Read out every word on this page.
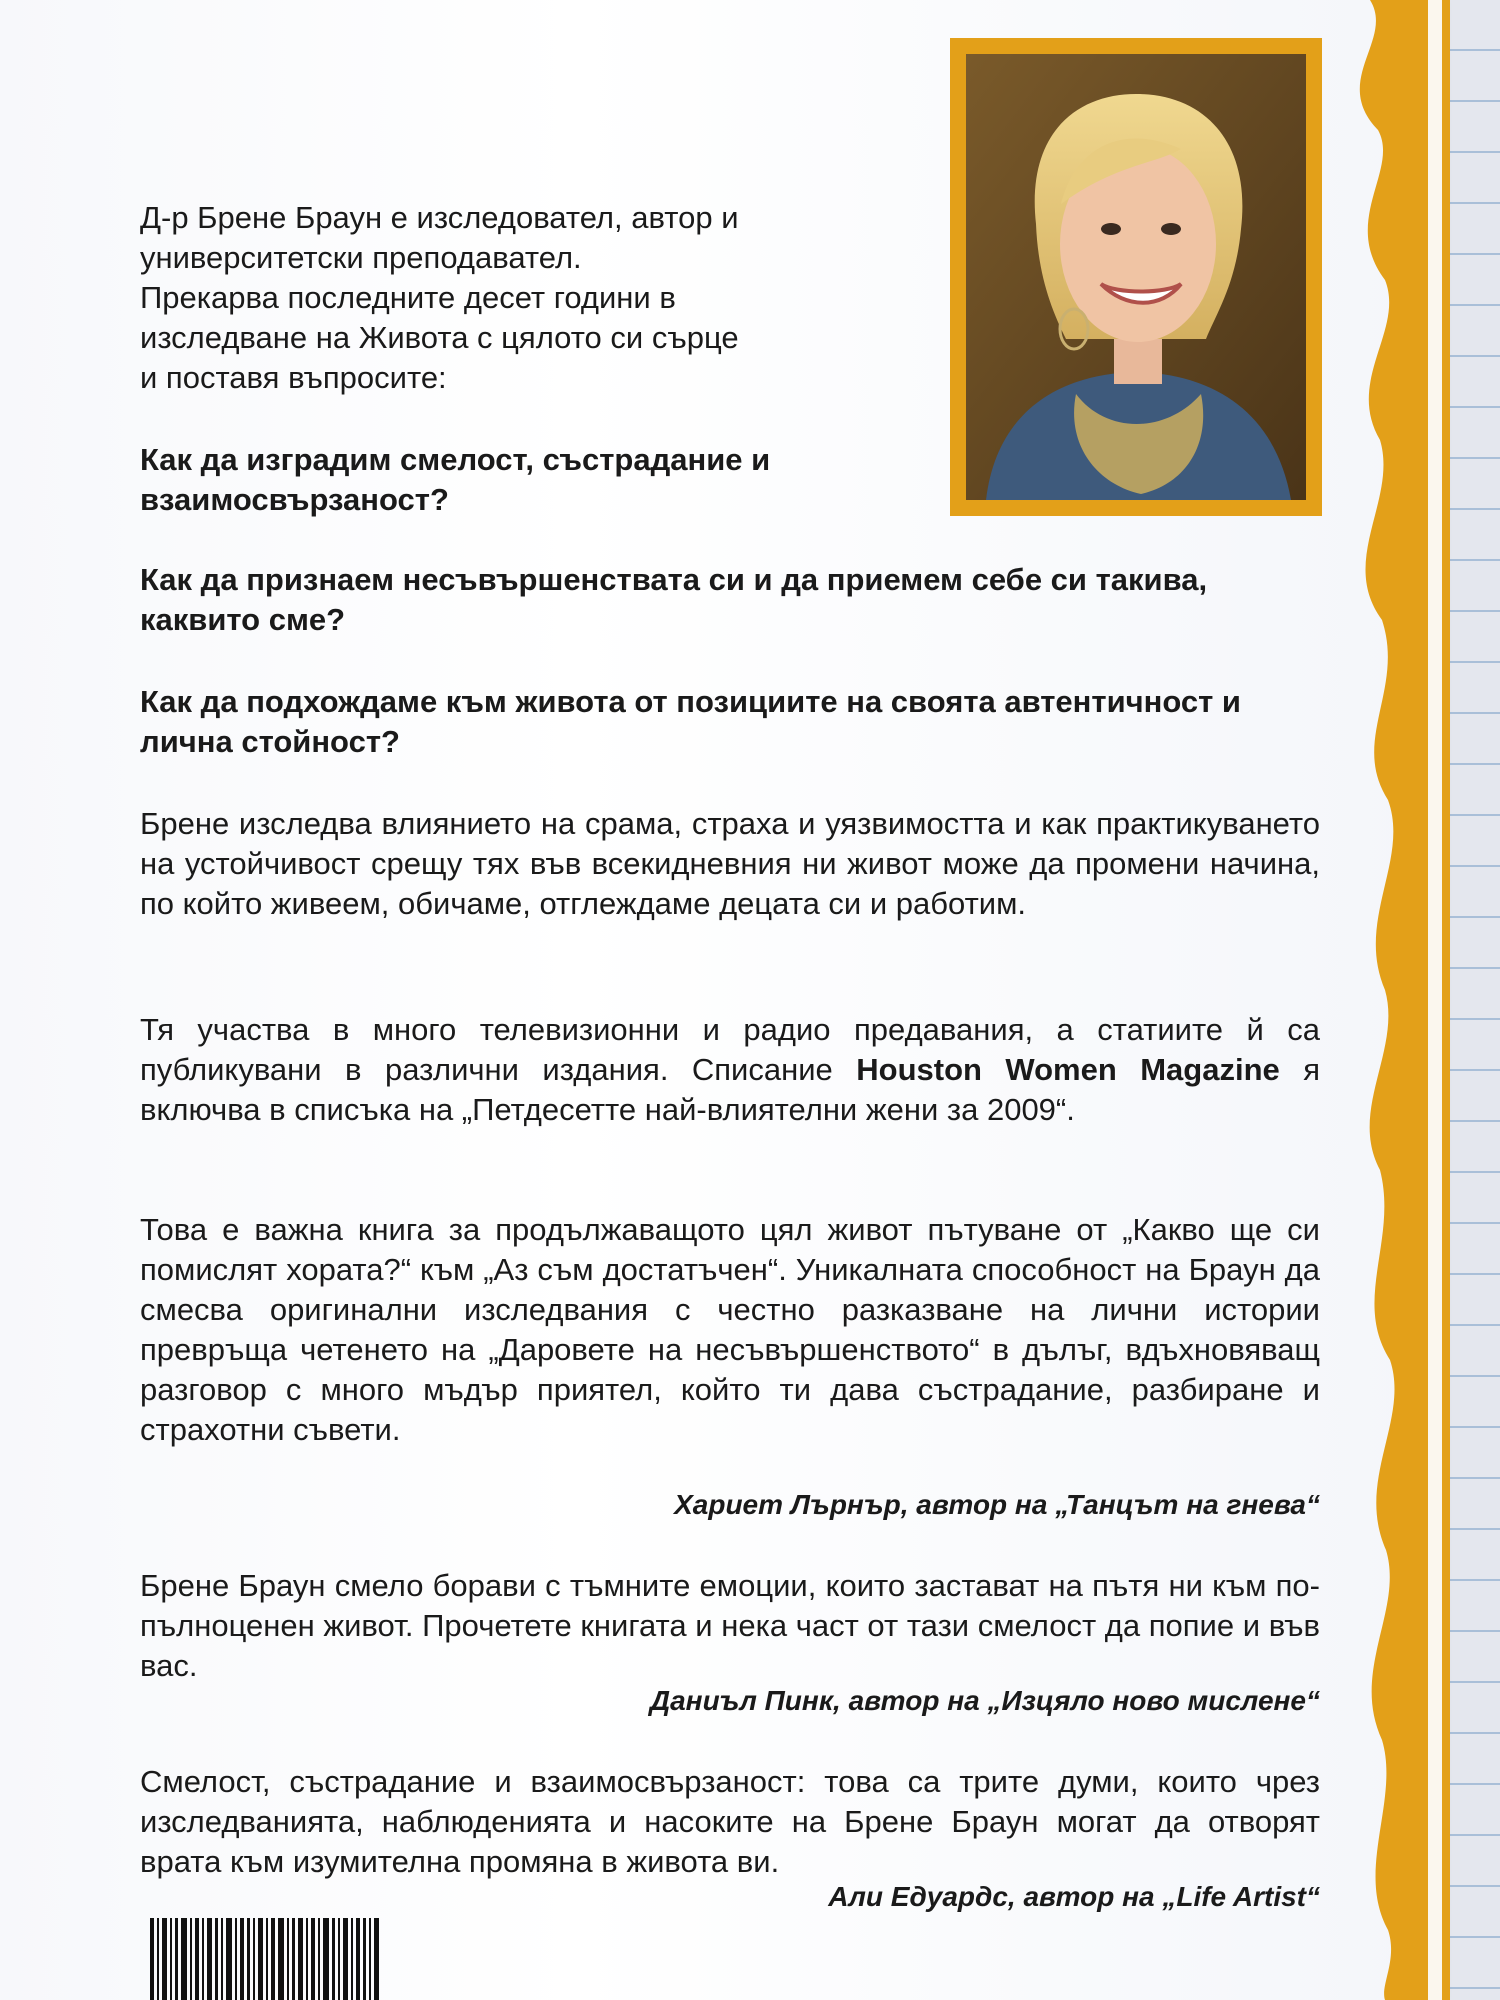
Д-р Брене Браун е изследовател, автор и
университетски преподавател.
Прекарва последните десет години в
изследване на Живота с цялото си сърце
и поставя въпросите:
Как да изградим смелост, състрадание и взаимосвързаност?
Как да признаем несъвършенствата си и да приемем себе си такива, каквито сме?
Как да подхождаме към живота от позициите на своята автентичност и лична стойност?
Брене изследва влиянието на срама, страха и уязвимостта и как практикуването на устойчивост срещу тях във всекидневния ни живот може да промени начина, по който живеем, обичаме, отглеждаме децата си и работим.
Тя участва в много телевизионни и радио предавания, а статиите й са публикувани в различни издания. Списание Houston Women Magazine я включва в списъка на „Петдесетте най-влиятелни жени за 2009“.
Това е важна книга за продължаващото цял живот пътуване от „Какво ще си помислят хората?“ към „Аз съм достатъчен“. Уникалната способност на Браун да смесва оригинални изследвания с честно разказване на лични истории превръща четенето на „Даровете на несъвършенството“ в дълъг, вдъхновяващ разговор с много мъдър приятел, който ти дава състрадание, разбиране и страхотни съвети.
Хариет Лърнър, автор на „Танцът на гнева“
Брене Браун смело борави с тъмните емоции, които застават на пътя ни към по-пълноценен живот. Прочетете книгата и нека част от тази смелост да попие и във вас.
Даниъл Пинк, автор на „Изцяло ново мислене“
Смелост, състрадание и взаимосвързаност: това са трите думи, които чрез изследванията, наблюденията и насоките на Брене Браун могат да отворят врата към изумителна промяна в живота ви.
Али Едуардс, автор на „Life Artist“
